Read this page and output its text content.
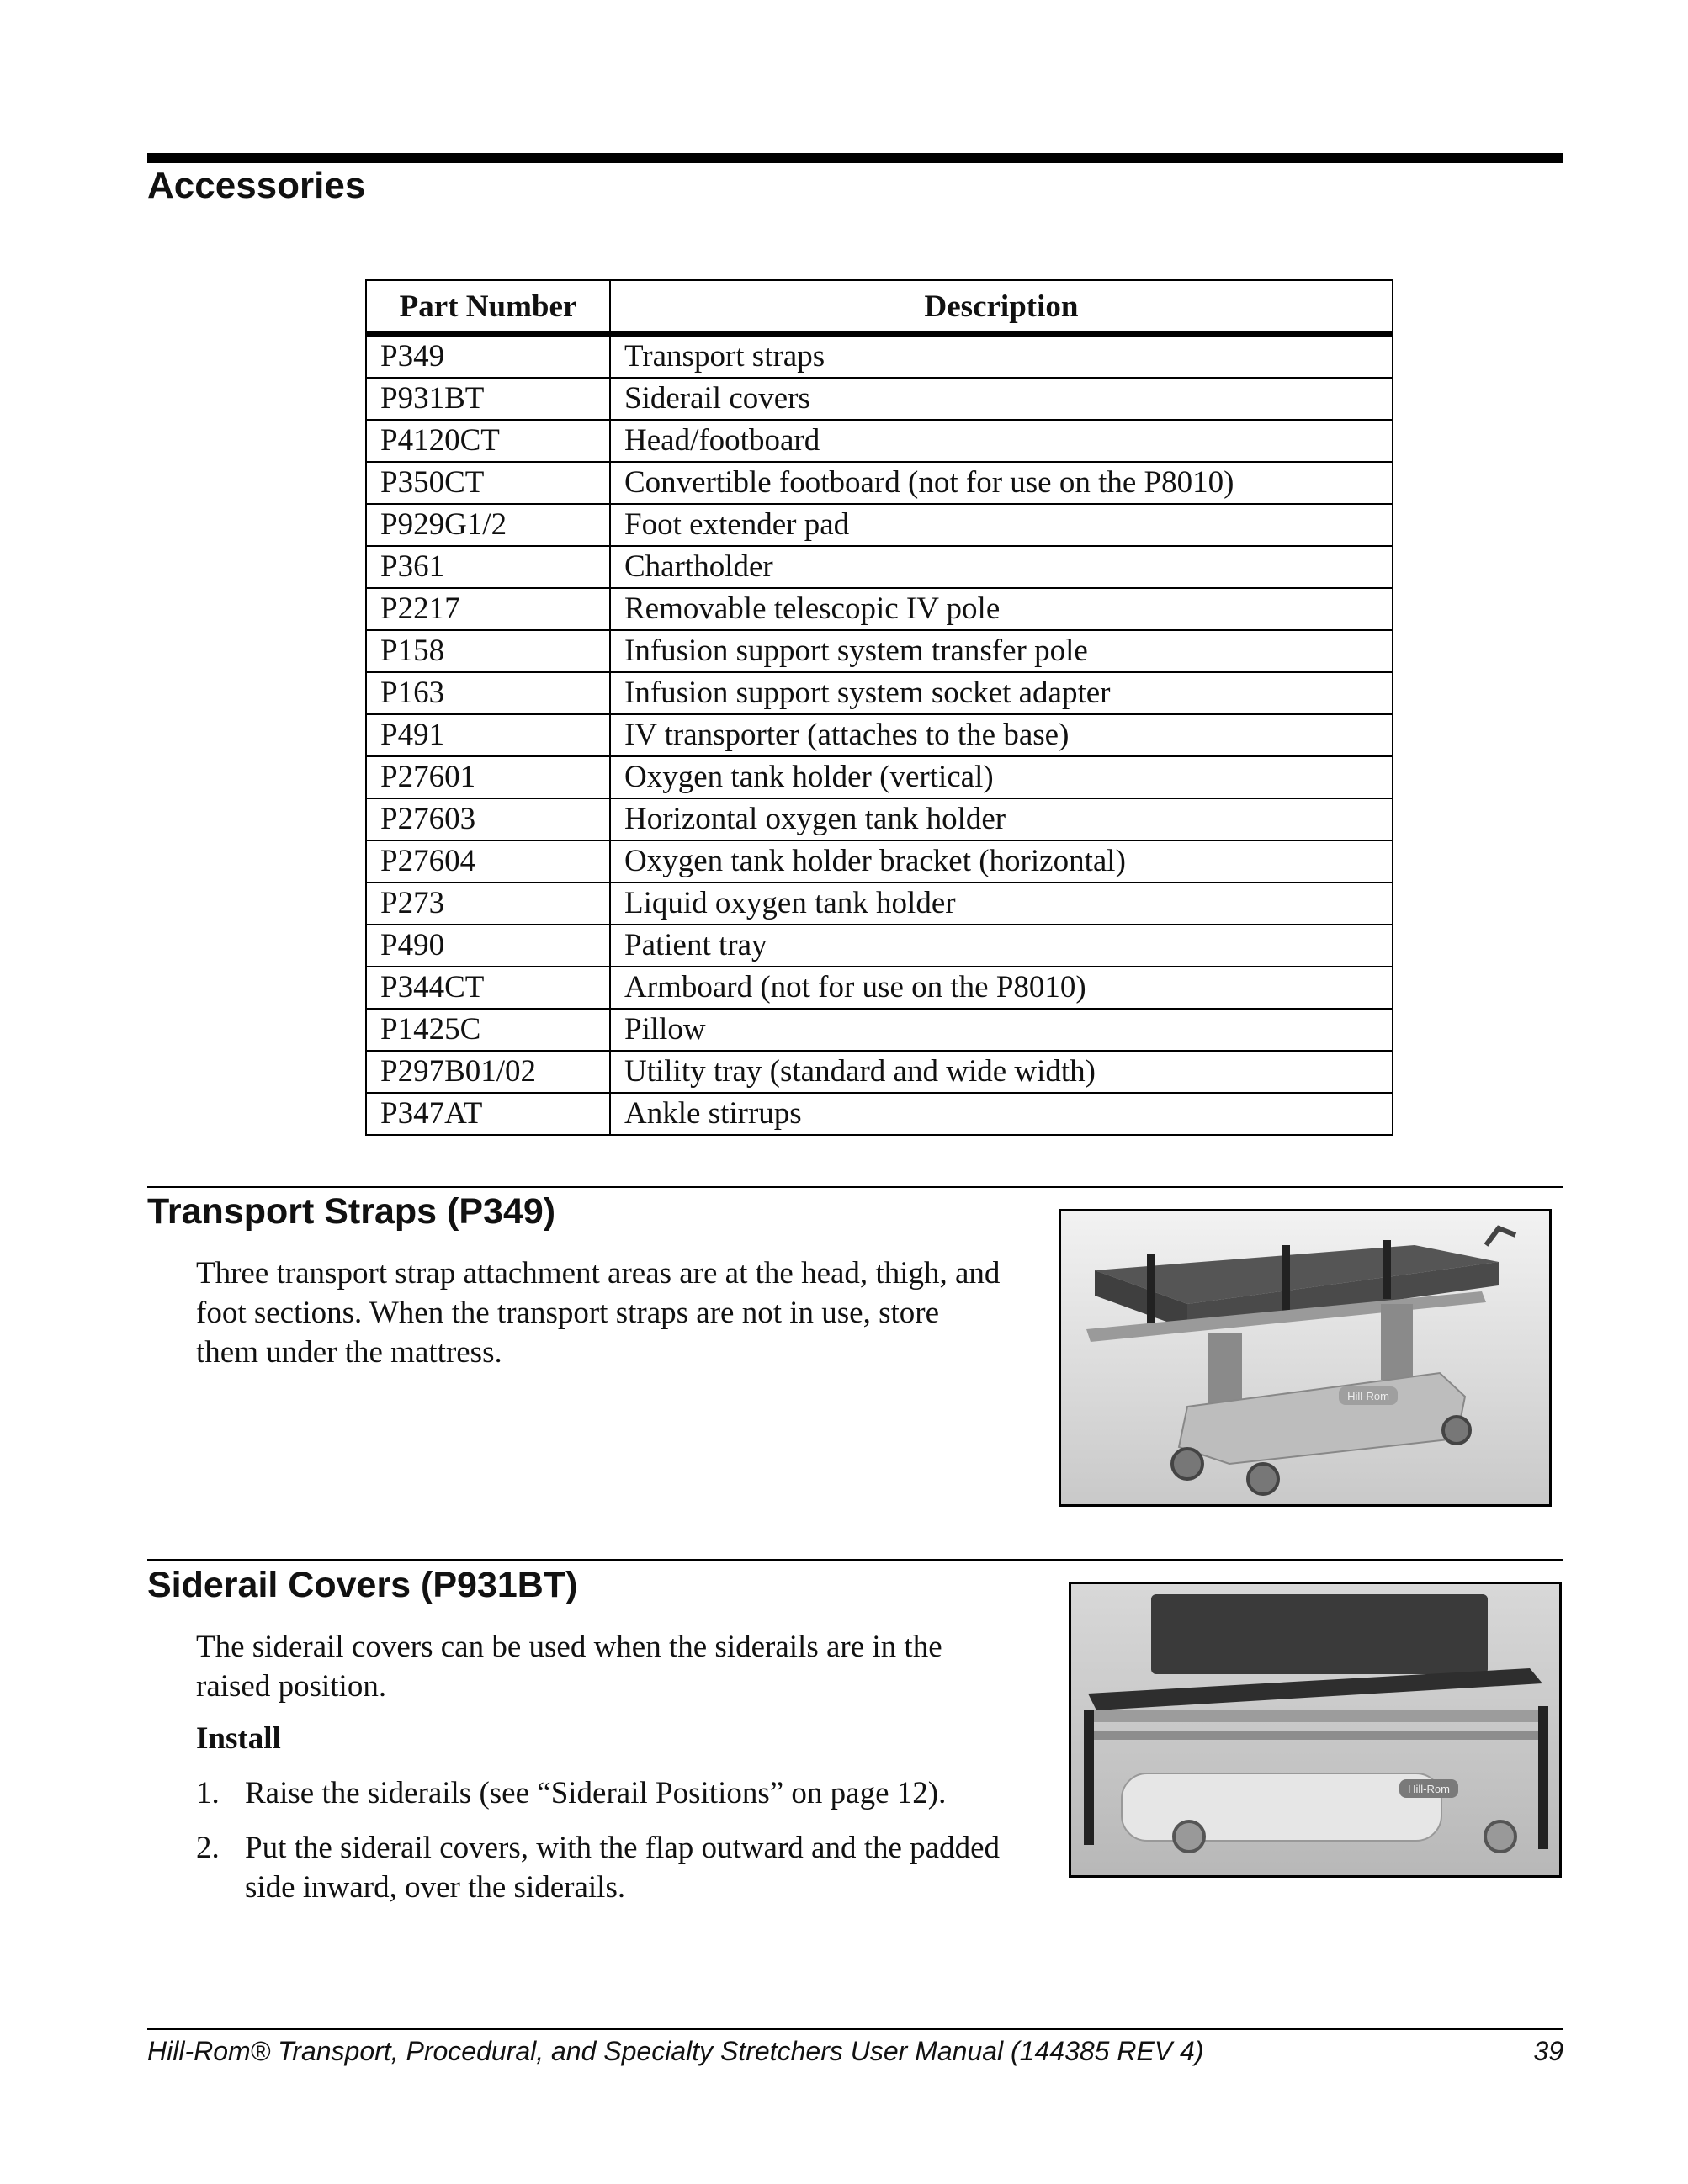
Accessories
Part Number	Description
P349	Transport straps
P931BT	Siderail covers
P4120CT	Head/footboard
P350CT	Convertible footboard (not for use on the P8010)
P929G1/2	Foot extender pad
P361	Chartholder
P2217	Removable telescopic IV pole
P158	Infusion support system transfer pole
P163	Infusion support system socket adapter
P491	IV transporter (attaches to the base)
P27601	Oxygen tank holder (vertical)
P27603	Horizontal oxygen tank holder
P27604	Oxygen tank holder bracket (horizontal)
P273	Liquid oxygen tank holder
P490	Patient tray
P344CT	Armboard (not for use on the P8010)
P1425C	Pillow
P297B01/02	Utility tray (standard and wide width)
P347AT	Ankle stirrups
Transport Straps (P349)

Three transport strap attachment areas are at the head, thigh, and

foot sections. When the transport straps are not in use, store

them under the mattress.

Hill-Rom
Siderail Covers (P931BT)

The siderail covers can be used when the siderails are in the

raised position.

Install
1. Raise the siderails (see “Siderail Positions” on page 12).
2. Put the siderail covers, with the flap outward and the padded
side inward, over the siderails.
Hill-Rom
Hill-Rom® Transport, Procedural, and Specialty Stretchers User Manual (144385 REV 4)	39
